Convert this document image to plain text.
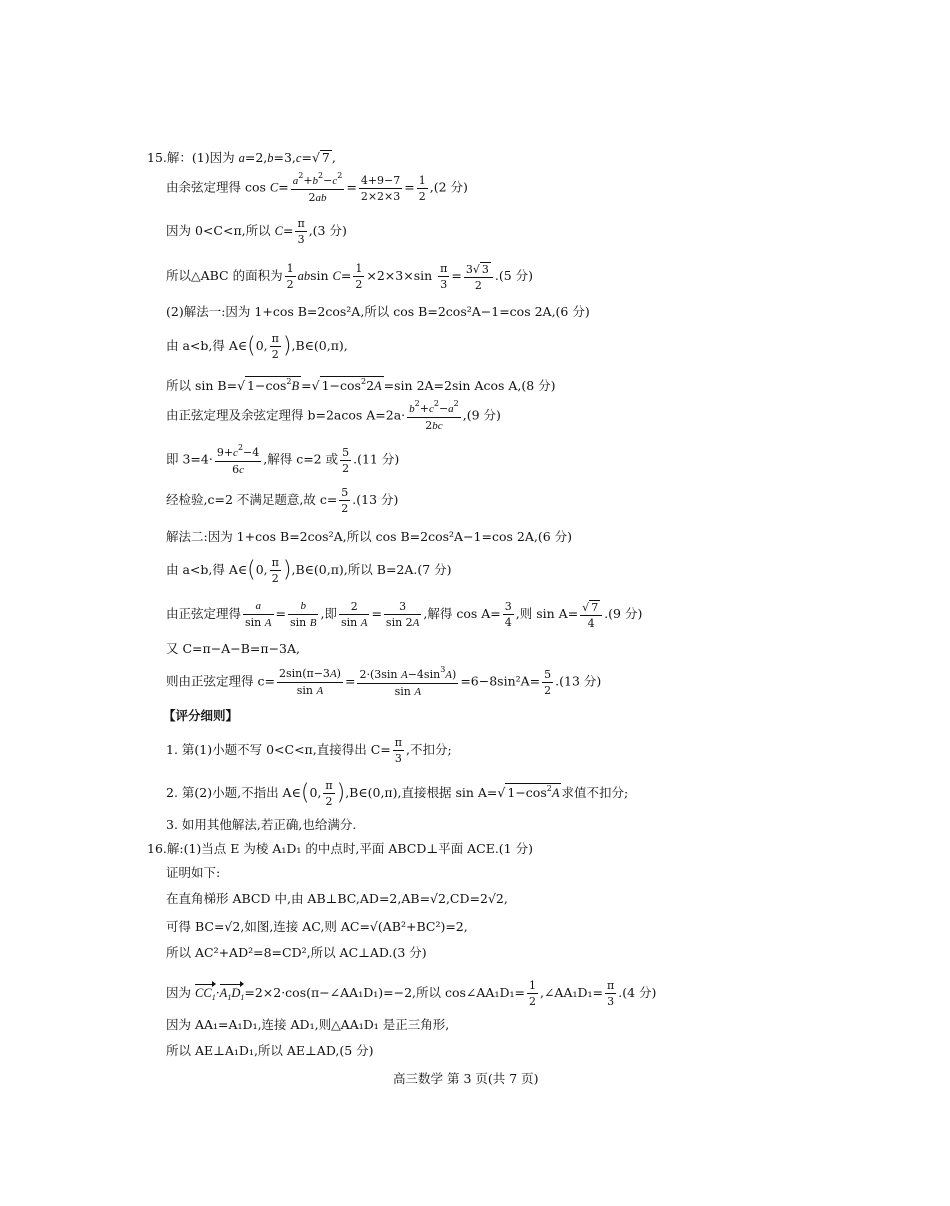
15.解：(1)因为 a=2,b=3,c=√ 7 ,
由余弦定理得 $\cos C= \frac{a^2+b^2-c^2}{2ab} = \frac{4+9-7}{2\times 2\times 3} = \frac{1}{2} ,(2$ 分)
因为 0<C<π,所以 $C= \frac{\pi}{3} ,(3$ 分)
所以△ABC 的面积为 $\frac{1}{2}$ absin $C= \frac{1}{2} \times 2\times 3\times\sin \frac{\pi}{3} = \frac{3√ 3}{2} .(5$ 分)
(2)解法一:因为 1+cos B=2cos²A,所以 cos B=2cos²A−1=cos 2A,(6 分)
由 a<b,得 A∈(0, $\frac{\pi}{2}$ ),B∈(0,π),
所以 sin B=√ $1-\cos^2B$ =√ $1-\cos^22A =\sin$ 2A=2sin Acos A,(8 分)
由正弦定理及余弦定理得 b=2acos $A=2a\cdot \frac{b^2+c^2-a^2}{2bc} ,(9$ 分)
即 $3=4\cdot \frac{9+c^2-4}{6c}$ ,解得 c=2 或 $\frac{5}{2} .(11$ 分)
经检验,c=2 不满足题意,故 $c= \frac{5}{2} .(13$ 分)
解法二:因为 1+cos B=2cos²A,所以 cos B=2cos²A−1=cos 2A,(6 分)
由 a<b,得 A∈(0, $\frac{\pi}{2}$ ),B∈(0,π),所以 B=2A.(7 分)
由正弦定理得 $\frac{a}{\text{sin A}} = \frac{b}{\text{sin B}}$ ,即 $\frac{2}{\text{sin A}} = \frac{3}{\sin 2A}$ ,解得 $\cos A= \frac{3}{4}$ ,则 $\sin A= \frac{√ 7}{4} .(9$ 分)
又 C=π−A−B=π−3A,
则由正弦定理得 $c= \frac{2\sin(\pi-3A)}{\text{sin A}} = \frac{2\cdot(3\sin A-4\sin^3A)}{\text{sin A}} =6-8\sin^2A= \frac{5}{2} .(13$ 分)
【评分细则】
1. 第(1)小题不写 0<C<π,直接得出 $C= \frac{\pi}{3}$ ,不扣分;
2. 第(2)小题,不指出 A∈(0, $\frac{\pi}{2}$ ),B∈(0,π),直接根据 sin A=√ $1-\cos^2A$ 求值不扣分;
3. 如用其他解法,若正确,也给满分.
16.解:(1)当点 E 为棱 A₁D₁ 的中点时,平面 ABCD⊥平面 ACE.(1 分)
证明如下:
在直角梯形 ABCD 中,由 AB⊥BC,AD=2,AB=√2,CD=2√2,
可得 BC=√2,如图,连接 AC,则 AC=√(AB²+BC²)=2,
所以 AC²+AD²=8=CD²,所以 AC⊥AD.(3 分)
因为 $CC_1\cdot A_1D_1=2\times 2\cdot\cos(\pi-\angle AA_1D_1)=-2$,所以 cos∠AA₁D₁= $\frac{1}{2}$ ,∠AA₁D₁= $\frac{\pi}{3} .(4$ 分)
因为 AA₁=A₁D₁,连接 AD₁,则△AA₁D₁ 是正三角形,
所以 AE⊥A₁D₁,所以 AE⊥AD,(5 分)
高三数学 第 3 页(共 7 页)
